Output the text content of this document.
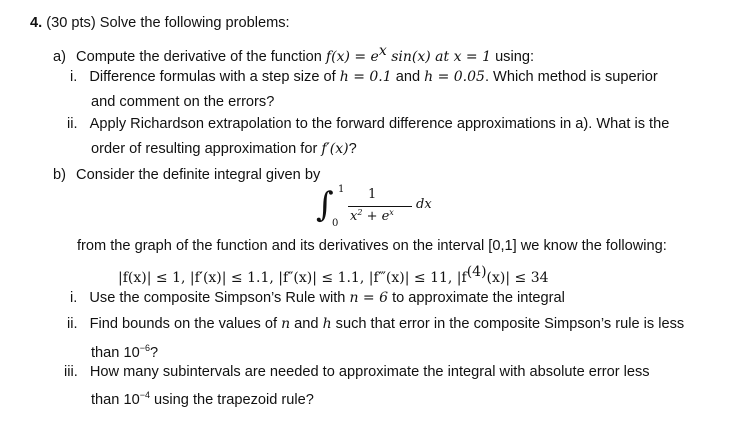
4. (30 pts) Solve the following problems:
a) Compute the derivative of the function $f(x) = e^x$ sin(x) at x = 1 using:
i. Difference formulas with a step size of h = 0.1 and h = 0.05. Which method is superior
and comment on the errors?
ii. Apply Richardson extrapolation to the forward difference approximations in a). What is the
order of resulting approximation for f′(x)?
b) Consider the definite integral given by
∫ 1
0
1
$x^2 + e^x$
dx
from the graph of the function and its derivatives on the interval [0,1] we know the following:
|f(x)| ≤ 1, |f′(x)| ≤ 1.1, |f″(x)| ≤ 1.1, |f‴(x)| ≤ 11, $|f^{(4)}(x)| \le 34$
i. Use the composite Simpson’s Rule with n = 6 to approximate the integral
ii. Find bounds on the values of n and h such that error in the composite Simpson’s rule is less
than $10^{-6}$?
iii. How many subintervals are needed to approximate the integral with absolute error less
than $10^{-4}$ using the trapezoid rule?
